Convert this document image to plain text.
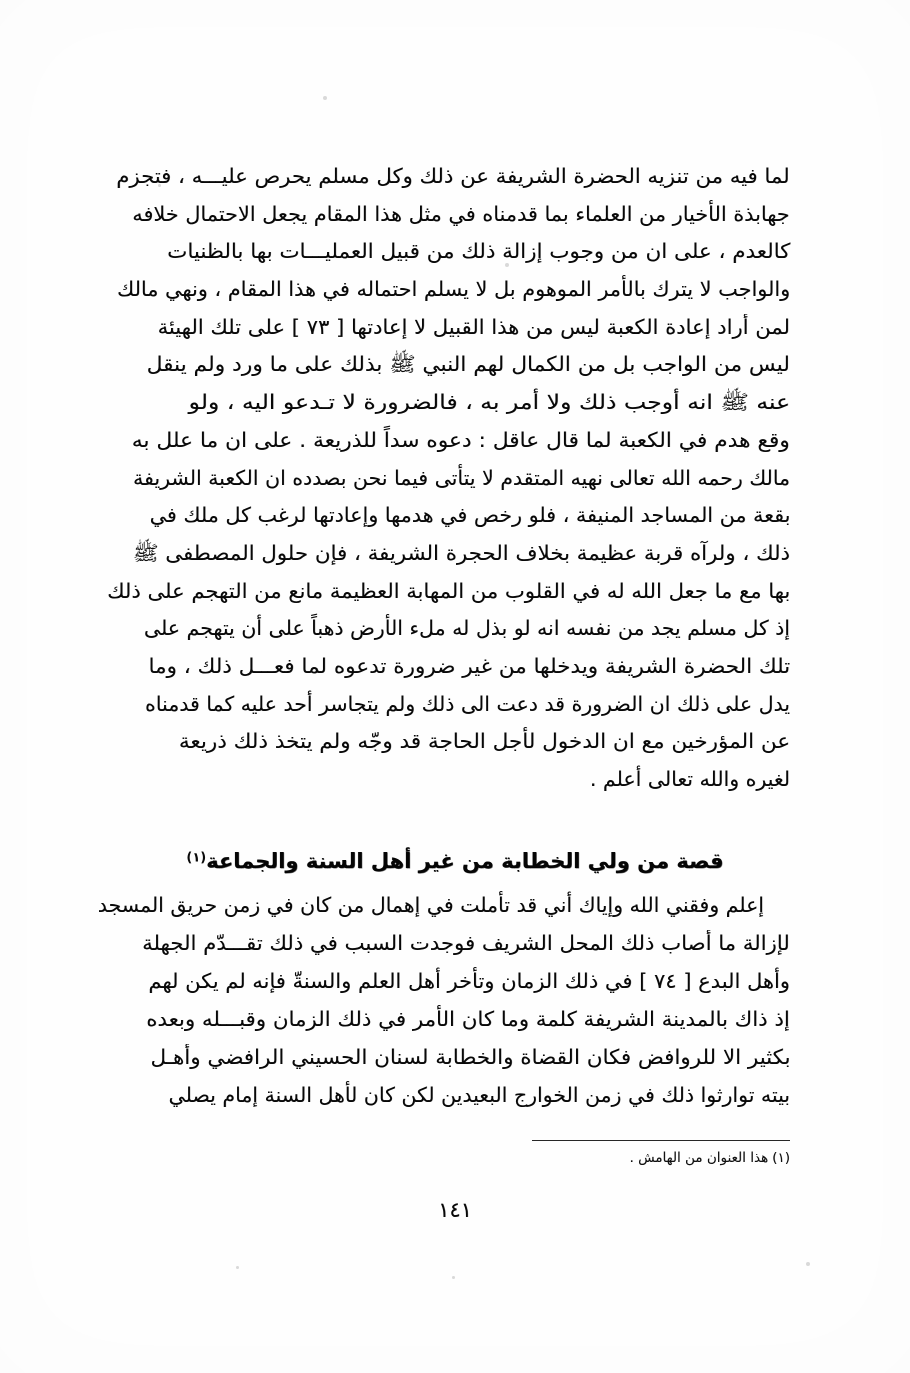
لما فيه من تنزيه الحضرة الشريفة عن ذلك وكل مسلم يحرص عليـــه ، فتجزم
جهابذة الأخيار من العلماء بما قدمناه في مثل هذا المقام يجعل الاحتمال خلافه
كالعدم ، على ان من وجوب إزالة ذلك من قبيل العمليـــات بها بالظنيات
والواجب لا يترك بالأمر الموهوم بل لا يسلم احتماله في هذا المقام ، ونهي مالك
لمن أراد إعادة الكعبة ليس من هذا القبيل لا إعادتها [ ٧٣ ] على تلك الهيئة
ليس من الواجب بل من الكمال لهم النبي ﷺ بذلك على ما ورد ولم ينقل
عنه ﷺ انه أوجب ذلك ولا أمر به ، فالضرورة لا تـدعو اليه ، ولو
وقع هدم في الكعبة لما قال عاقل : دعوه سداً للذريعة . على ان ما علل به
مالك رحمه الله تعالى نهيه المتقدم لا يتأتى فيما نحن بصدده ان الكعبة الشريفة
بقعة من المساجد المنيفة ، فلو رخص في هدمها وإعادتها لرغب كل ملك في
ذلك ، ولرآه قربة عظيمة بخلاف الحجرة الشريفة ، فإن حلول المصطفى ﷺ
بها مع ما جعل الله له في القلوب من المهابة العظيمة مانع من التهجم على ذلك
إذ كل مسلم يجد من نفسه انه لو بذل له ملء الأرض ذهباً على أن يتهجم على
تلك الحضرة الشريفة ويدخلها من غير ضرورة تدعوه لما فعـــل ذلك ، وما
يدل على ذلك ان الضرورة قد دعت الى ذلك ولم يتجاسر أحد عليه كما قدمناه
عن المؤرخين مع ان الدخول لأجل الحاجة قد وجّه ولم يتخذ ذلك ذريعة
لغيره والله تعالى أعلم .
قصة من ولي الخطابة من غير أهل السنة والجماعة$^{(١)}$
إعلم وفقني الله وإياك أني قد تأملت في إهمال من كان في زمن حريق المسجد
لإزالة ما أصاب ذلك المحل الشريف فوجدت السبب في ذلك تقـــدّم الجهلة
وأهل البدع [ ٧٤ ] في ذلك الزمان وتأخر أهل العلم والسنةّ فإنه لم يكن لهم
إذ ذاك بالمدينة الشريفة كلمة وما كان الأمر في ذلك الزمان وقبـــله وبعده
بكثير الا للروافض فكان القضاة والخطابة لسنان الحسيني الرافضي وأهـل
بيته توارثوا ذلك في زمن الخوارج البعيدين لكن كان لأهل السنة إمام يصلي
(١)هذا العنوان من الهامش .
١٤١
